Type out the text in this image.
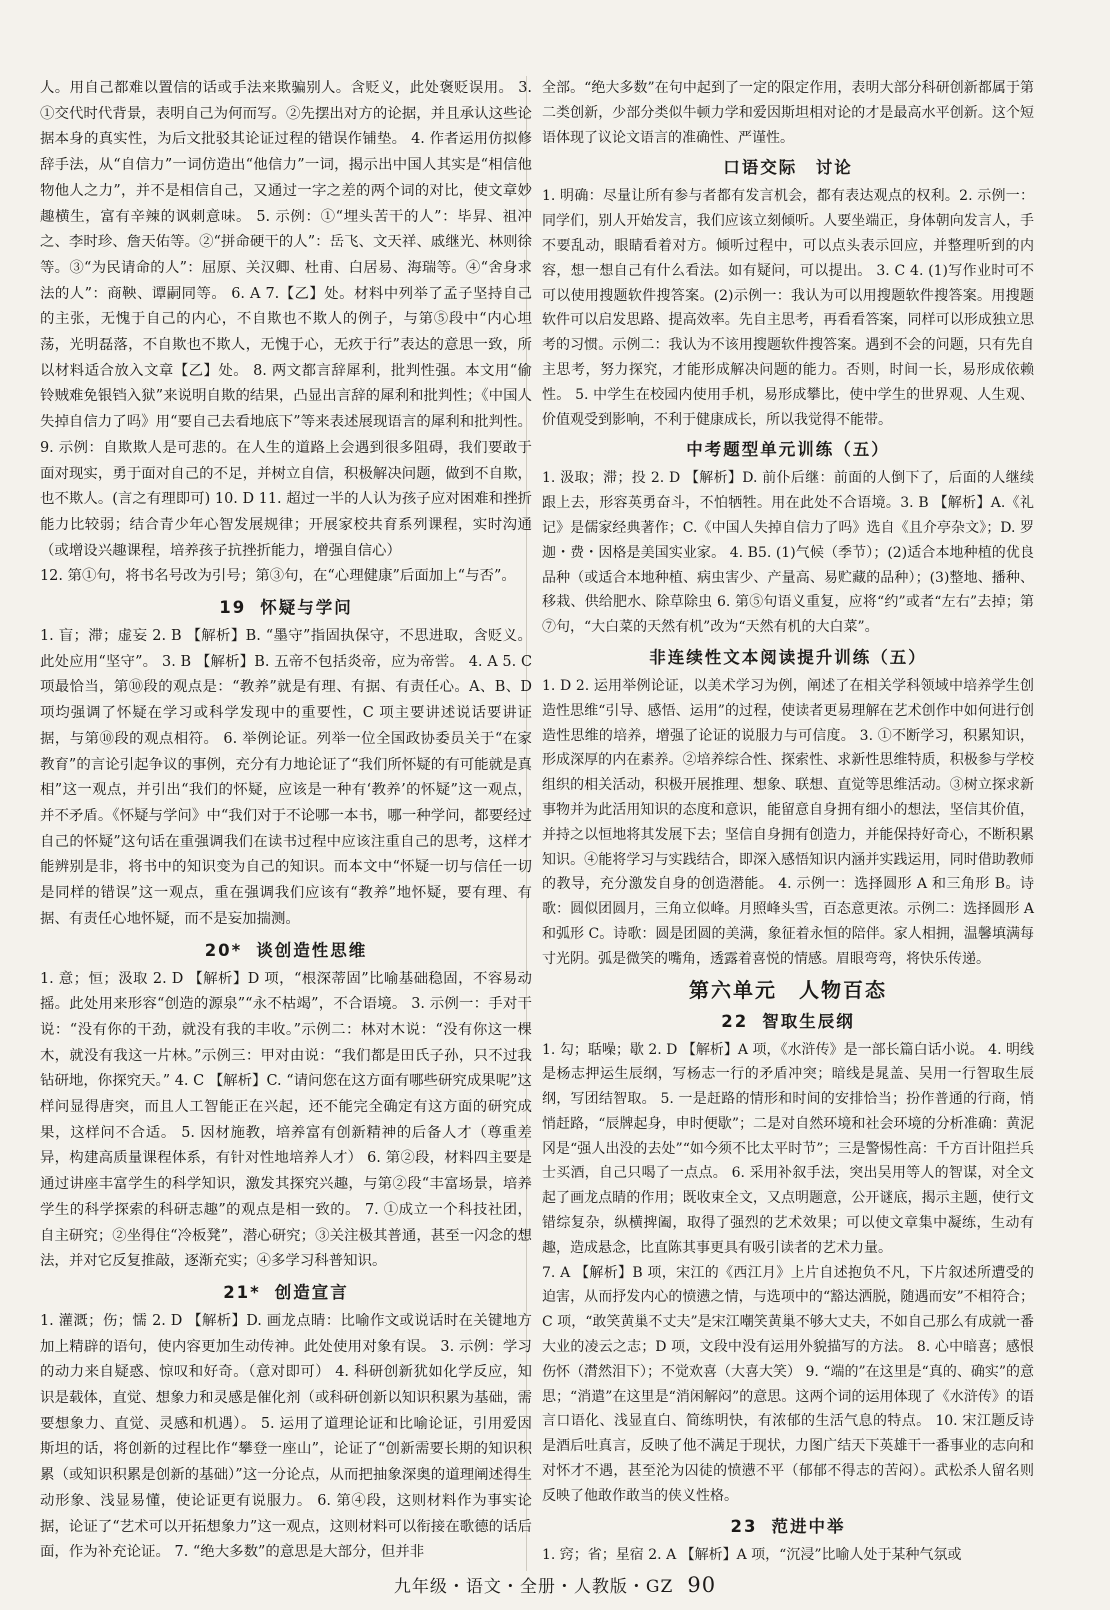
人。用自己都难以置信的话或手法来欺骗别人。含贬义，此处褒贬误用。 3. ①交代时代背景，表明自己为何而写。②先摆出对方的论据，并且承认这些论据本身的真实性，为后文批驳其论证过程的错误作铺垫。 4. 作者运用仿拟修辞手法，从“自信力”一词仿造出“他信力”一词，揭示出中国人其实是“相信他物他人之力”，并不是相信自己，又通过一字之差的两个词的对比，使文章妙趣横生，富有辛辣的讽刺意味。 5. 示例：①“埋头苦干的人”：毕昇、祖冲之、李时珍、詹天佑等。②“拼命硬干的人”：岳飞、文天祥、戚继光、林则徐等。③“为民请命的人”：屈原、关汉卿、杜甫、白居易、海瑞等。④“舍身求法的人”：商鞅、谭嗣同等。 6. A 7.【乙】处。材料中列举了孟子坚持自己的主张，无愧于自己的内心，不自欺也不欺人的例子，与第⑤段中“内心坦荡，光明磊落，不自欺也不欺人，无愧于心，无疚于行”表达的意思一致，所以材料适合放入文章【乙】处。 8. 两文都言辞犀利，批判性强。本文用“偷铃贼难免银铛入狱”来说明自欺的结果，凸显出言辞的犀利和批判性；《中国人失掉自信力了吗》用“要自己去看地底下”等来表述展现语言的犀利和批判性。 9. 示例：自欺欺人是可悲的。在人生的道路上会遇到很多阻碍，我们要敢于面对现实，勇于面对自己的不足，并树立自信，积极解决问题，做到不自欺，也不欺人。(言之有理即可) 10. D 11. 超过一半的人认为孩子应对困难和挫折能力比较弱；结合青少年心智发展规律；开展家校共育系列课程，实时沟通（或增设兴趣课程，培养孩子抗挫折能力，增强自信心）

12. 第①句，将书名号改为引号；第③句，在“心理健康”后面加上“与否”。

19 怀疑与学问

1. 盲；滞；虚妄 2. B 【解析】B. “墨守”指固执保守，不思进取，含贬义。此处应用“坚守”。 3. B 【解析】B. 五帝不包括炎帝，应为帝喾。 4. A 5. C 项最恰当，第⑩段的观点是：“教养”就是有理、有据、有责任心。A、B、D 项均强调了怀疑在学习或科学发现中的重要性，C 项主要讲述说话要讲证据，与第⑩段的观点相符。 6. 举例论证。列举一位全国政协委员关于“在家教育”的言论引起争议的事例，充分有力地论证了“我们所怀疑的有可能就是真相”这一观点，并引出“我们的怀疑，应该是一种有‘教养’的怀疑”这一观点，并不矛盾。《怀疑与学问》中“我们对于不论哪一本书，哪一种学问，都要经过自己的怀疑”这句话在重强调我们在读书过程中应该注重自己的思考，这样才能辨别是非，将书中的知识变为自己的知识。而本文中“怀疑一切与信任一切是同样的错误”这一观点，重在强调我们应该有“教养”地怀疑，要有理、有据、有责任心地怀疑，而不是妄加揣测。

20* 谈创造性思维

1. 意；恒；汲取 2. D 【解析】D 项，“根深蒂固”比喻基础稳固，不容易动摇。此处用来形容“创造的源泉”“永不枯竭”，不合语境。 3. 示例一：手对干说：“没有你的干劲，就没有我的丰收。”示例二：林对木说：“没有你这一棵木，就没有我这一片林。”示例三：甲对由说：“我们都是田氏子孙，只不过我钻研地，你探究天。” 4. C 【解析】C. “请问您在这方面有哪些研究成果呢”这样问显得唐突，而且人工智能正在兴起，还不能完全确定有这方面的研究成果，这样问不合适。 5. 因材施教，培养富有创新精神的后备人才（尊重差异，构建高质量课程体系，有针对性地培养人才） 6. 第②段，材料四主要是通过讲座丰富学生的科学知识，激发其探究兴趣，与第②段“丰富场景，培养学生的科学探索的科研志趣”的观点是相一致的。 7. ①成立一个科技社团，自主研究；②坐得住“冷板凳”，潜心研究；③关注极其普通，甚至一闪念的想法，并对它反复推敲，逐渐充实；④多学习科普知识。

21* 创造宣言

1. 灌溉；伤；懦 2. D 【解析】D. 画龙点睛：比喻作文或说话时在关键地方加上精辟的语句，使内容更加生动传神。此处使用对象有误。 3. 示例：学习的动力来自疑惑、惊叹和好奇。（意对即可） 4. 科研创新犹如化学反应，知识是载体，直觉、想象力和灵感是催化剂（或科研创新以知识积累为基础，需要想象力、直觉、灵感和机遇）。 5. 运用了道理论证和比喻论证，引用爱因斯坦的话，将创新的过程比作“攀登一座山”，论证了“创新需要长期的知识积累（或知识积累是创新的基础）”这一分论点，从而把抽象深奥的道理阐述得生动形象、浅显易懂，使论证更有说服力。 6. 第④段，这则材料作为事实论据，论证了“艺术可以开拓想象力”这一观点，这则材料可以衔接在歌德的话后面，作为补充论证。 7. “绝大多数”的意思是大部分，但并非

全部。“绝大多数”在句中起到了一定的限定作用，表明大部分科研创新都属于第二类创新，少部分类似牛顿力学和爱因斯坦相对论的才是最高水平创新。这个短语体现了议论文语言的准确性、严谨性。

口语交际　讨论

1. 明确：尽量让所有参与者都有发言机会，都有表达观点的权利。2. 示例一：同学们，别人开始发言，我们应该立刻倾听。人要坐端正，身体朝向发言人，手不要乱动，眼睛看着对方。倾听过程中，可以点头表示回应，并整理听到的内容，想一想自己有什么看法。如有疑问，可以提出。 3. C 4. (1)写作业时可不可以使用搜题软件搜答案。(2)示例一：我认为可以用搜题软件搜答案。用搜题软件可以启发思路、提高效率。先自主思考，再看看答案，同样可以形成独立思考的习惯。示例二：我认为不该用搜题软件搜答案。遇到不会的问题，只有先自主思考，努力探究，才能形成解决问题的能力。否则，时间一长，易形成依赖性。 5. 中学生在校园内使用手机，易形成攀比，使中学生的世界观、人生观、价值观受到影响，不利于健康成长，所以我觉得不能带。

中考题型单元训练（五）

1. 汲取；滞；投 2. D 【解析】D. 前仆后继：前面的人倒下了，后面的人继续跟上去，形容英勇奋斗，不怕牺牲。用在此处不合语境。3. B 【解析】A.《礼记》是儒家经典著作；C.《中国人失掉自信力了吗》选自《且介亭杂文》；D. 罗迦・费・因格是美国实业家。 4. B5. (1)气候（季节）；(2)适合本地种植的优良品种（或适合本地种植、病虫害少、产量高、易贮藏的品种）；(3)整地、播种、移栽、供给肥水、除草除虫 6. 第⑤句语义重复，应将“约”或者“左右”去掉；第⑦句，“大白菜的天然有机”改为“天然有机的大白菜”。

非连续性文本阅读提升训练（五）

1. D 2. 运用举例论证，以美术学习为例，阐述了在相关学科领域中培养学生创造性思维“引导、感悟、运用”的过程，使读者更易理解在艺术创作中如何进行创造性思维的培养，增强了论证的说服力与可信度。 3. ①不断学习，积累知识，形成深厚的内在素养。②培养综合性、探索性、求新性思维特质，积极参与学校组织的相关活动，积极开展推理、想象、联想、直觉等思维活动。③树立探求新事物并为此活用知识的态度和意识，能留意自身拥有细小的想法，坚信其价值，并持之以恒地将其发展下去；坚信自身拥有创造力，并能保持好奇心，不断积累知识。④能将学习与实践结合，即深入感悟知识内涵并实践运用，同时借助教师的教导，充分激发自身的创造潜能。 4. 示例一：选择圆形 A 和三角形 B。诗歌：圆似团圆月，三角立似峰。月照峰头雪，百态意更浓。示例二：选择圆形 A 和弧形 C。诗歌：圆是团圆的美满，象征着永恒的陪伴。家人相拥，温馨填满每寸光阴。弧是微笑的嘴角，透露着喜悦的情感。眉眼弯弯，将快乐传递。

第六单元　人物百态
22 智取生辰纲

1. 勾；聒噪；歇 2. D 【解析】A 项，《水浒传》是一部长篇白话小说。 4. 明线是杨志押运生辰纲，写杨志一行的矛盾冲突；暗线是晁盖、吴用一行智取生辰纲，写团结智取。 5. 一是赶路的情形和时间的安排恰当；扮作普通的行商，悄悄赶路，“辰牌起身，申时便歇”；二是对自然环境和社会环境的分析准确：黄泥冈是“强人出没的去处”“如今须不比太平时节”；三是警惕性高：千方百计阻拦兵士买酒，自己只喝了一点点。 6. 采用补叙手法，突出吴用等人的智谋，对全文起了画龙点睛的作用；既收束全文，又点明题意，公开谜底，揭示主题，使行文错综复杂，纵横捭阖，取得了强烈的艺术效果；可以使文章集中凝练，生动有趣，造成悬念，比直陈其事更具有吸引读者的艺术力量。

7. A 【解析】B 项，宋江的《西江月》上片自述抱负不凡，下片叙述所遭受的迫害，从而抒发内心的愤懑之情，与选项中的“豁达洒脱，随遇而安”不相符合；C 项，“敢笑黄巢不丈夫”是宋江嘲笑黄巢不够大丈夫，不如自己那么有成就一番大业的凌云之志；D 项，文段中没有运用外貌描写的方法。 8. 心中暗喜；感恨伤怀（潸然泪下）；不觉欢喜（大喜大笑） 9. “端的”在这里是“真的、确实”的意思；“消遣”在这里是“消闲解闷”的意思。这两个词的运用体现了《水浒传》的语言口语化、浅显直白、简练明快，有浓郁的生活气息的特点。 10. 宋江题反诗是酒后吐真言，反映了他不满足于现状，力图广结天下英雄干一番事业的志向和对怀才不遇，甚至沦为囚徒的愤懑不平（郁郁不得志的苦闷）。武松杀人留名则反映了他敢作敢当的侠义性格。

23 范进中举

1. 窍；省；星宿 2. A 【解析】A 项，“沉浸”比喻人处于某种气氛或

九年级・语文・全册・人教版・GZ 90
